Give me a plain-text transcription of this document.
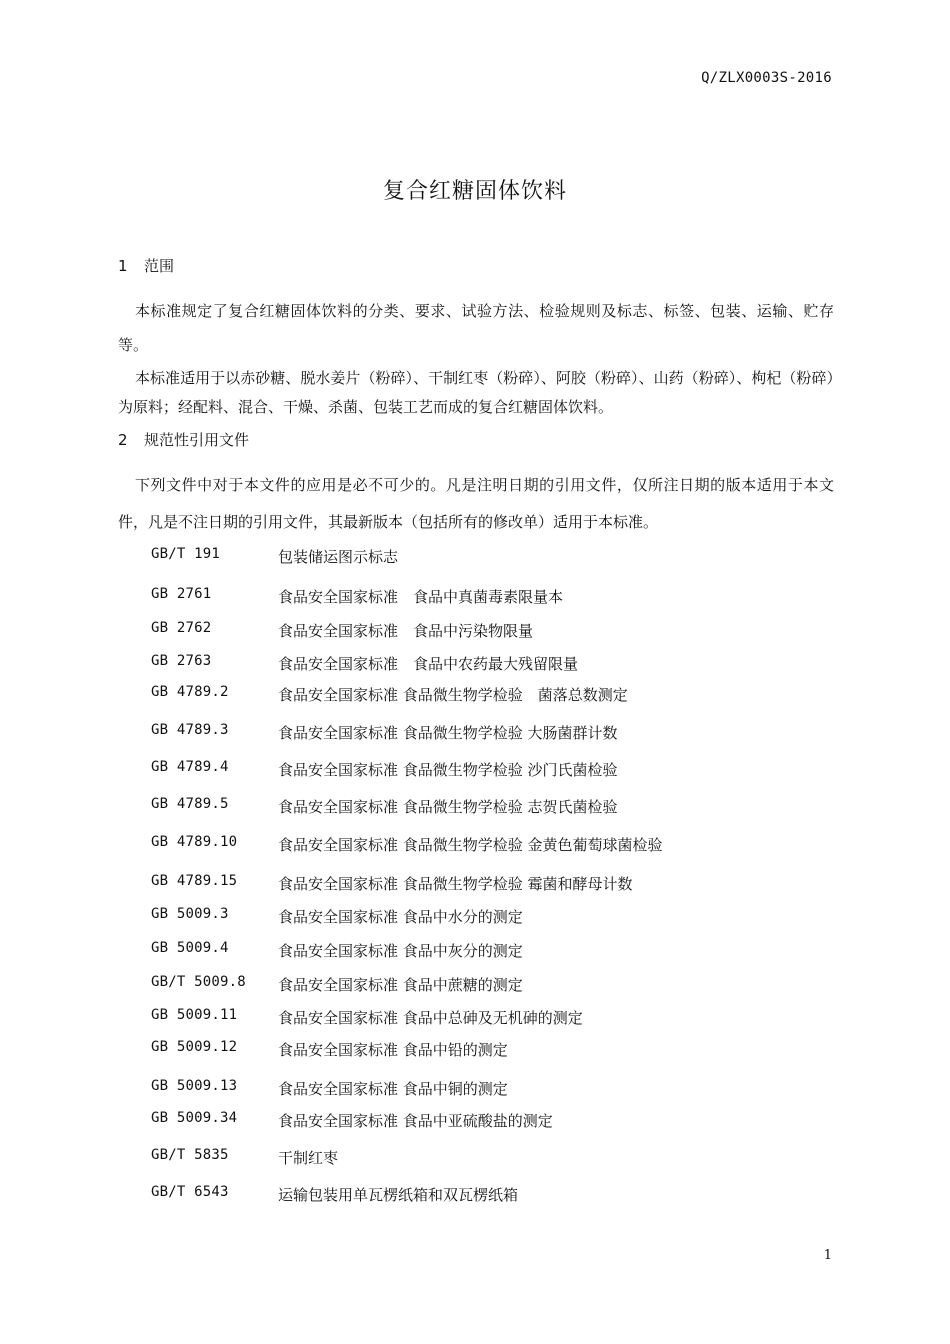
Q/ZLX0003S-2016
复合红糖固体饮料
1 范围
本标准规定了复合红糖固体饮料的分类、要求、试验方法、检验规则及标志、标签、包装、运输、贮存等。
本标准适用于以赤砂糖、脱水姜片（粉碎）、干制红枣（粉碎）、阿胶（粉碎）、山药（粉碎）、枸杞（粉碎）为原料；经配料、混合、干燥、杀菌、包装工艺而成的复合红糖固体饮料。
2 规范性引用文件
下列文件中对于本文件的应用是必不可少的。凡是注明日期的引用文件，仅所注日期的版本适用于本文件，凡是不注日期的引用文件，其最新版本（包括所有的修改单）适用于本标准。
GB/T 191	包装储运图示标志
GB 2761	食品安全国家标准　食品中真菌毒素限量本
GB 2762	食品安全国家标准　食品中污染物限量
GB 2763	食品安全国家标准　食品中农药最大残留限量
GB 4789.2	食品安全国家标准 食品微生物学检验　菌落总数测定
GB 4789.3	食品安全国家标准 食品微生物学检验 大肠菌群计数
GB 4789.4	食品安全国家标准 食品微生物学检验 沙门氏菌检验
GB 4789.5	食品安全国家标准 食品微生物学检验 志贺氏菌检验
GB 4789.10	食品安全国家标准 食品微生物学检验 金黄色葡萄球菌检验
GB 4789.15	食品安全国家标准 食品微生物学检验 霉菌和酵母计数
GB 5009.3	食品安全国家标准 食品中水分的测定
GB 5009.4	食品安全国家标准 食品中灰分的测定
GB/T 5009.8 食品安全国家标准 食品中蔗糖的测定
GB 5009.11	食品安全国家标准 食品中总砷及无机砷的测定
GB 5009.12	食品安全国家标准 食品中铅的测定
GB 5009.13	食品安全国家标准 食品中铜的测定
GB 5009.34	食品安全国家标准 食品中亚硫酸盐的测定
GB/T 5835	干制红枣
GB/T 6543	运输包装用单瓦楞纸箱和双瓦楞纸箱
1
